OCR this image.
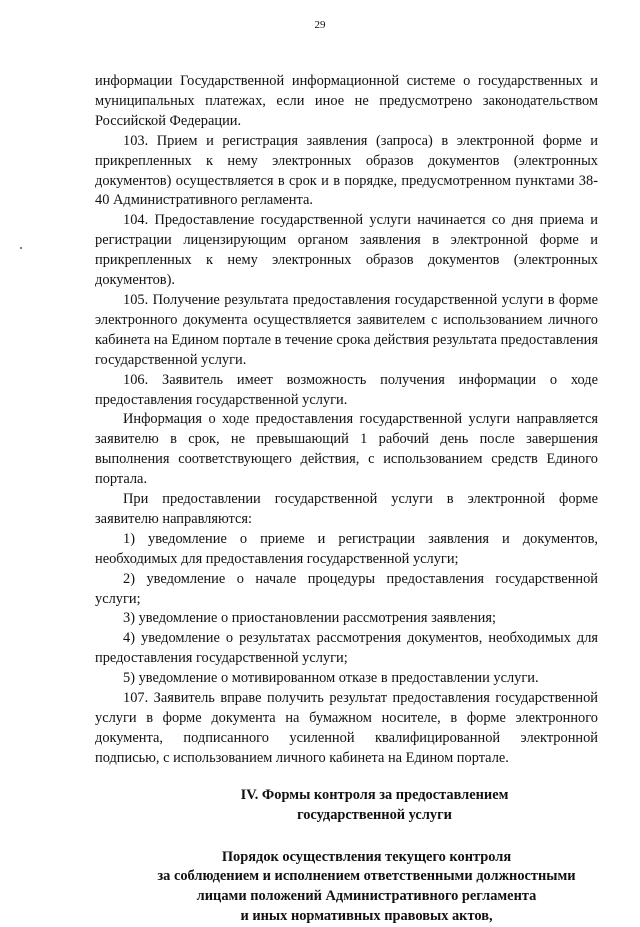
29

информации Государственной информационной системе о государственных и муниципальных платежах, если иное не предусмотрено законодательством Российской Федерации.

103. Прием и регистрация заявления (запроса) в электронной форме и прикрепленных к нему электронных образов документов (электронных документов) осуществляется в срок и в порядке, предусмотренном пунктами 38-40 Административного регламента.

104. Предоставление государственной услуги начинается со дня приема и регистрации лицензирующим органом заявления в электронной форме и прикрепленных к нему электронных образов документов (электронных документов).

105. Получение результата предоставления государственной услуги в форме электронного документа осуществляется заявителем с использованием личного кабинета на Едином портале в течение срока действия результата предоставления государственной услуги.

106. Заявитель имеет возможность получения информации о ходе предоставления государственной услуги.

Информация о ходе предоставления государственной услуги направляется заявителю в срок, не превышающий 1 рабочий день после завершения выполнения соответствующего действия, с использованием средств Единого портала.

При предоставлении государственной услуги в электронной форме заявителю направляются:

1) уведомление о приеме и регистрации заявления и документов, необходимых для предоставления государственной услуги;

2) уведомление о начале процедуры предоставления государственной услуги;

3) уведомление о приостановлении рассмотрения заявления;

4) уведомление о результатах рассмотрения документов, необходимых для предоставления государственной услуги;

5) уведомление о мотивированном отказе в предоставлении услуги.

107. Заявитель вправе получить результат предоставления государственной услуги в форме документа на бумажном носителе, в форме электронного документа, подписанного усиленной квалифицированной электронной подписью, с использованием личного кабинета на Едином портале.

IV. Формы контроля за предоставлением

государственной услуги

Порядок осуществления текущего контроля

за соблюдением и исполнением ответственными должностными

лицами положений Административного регламента

и иных нормативных правовых актов,
